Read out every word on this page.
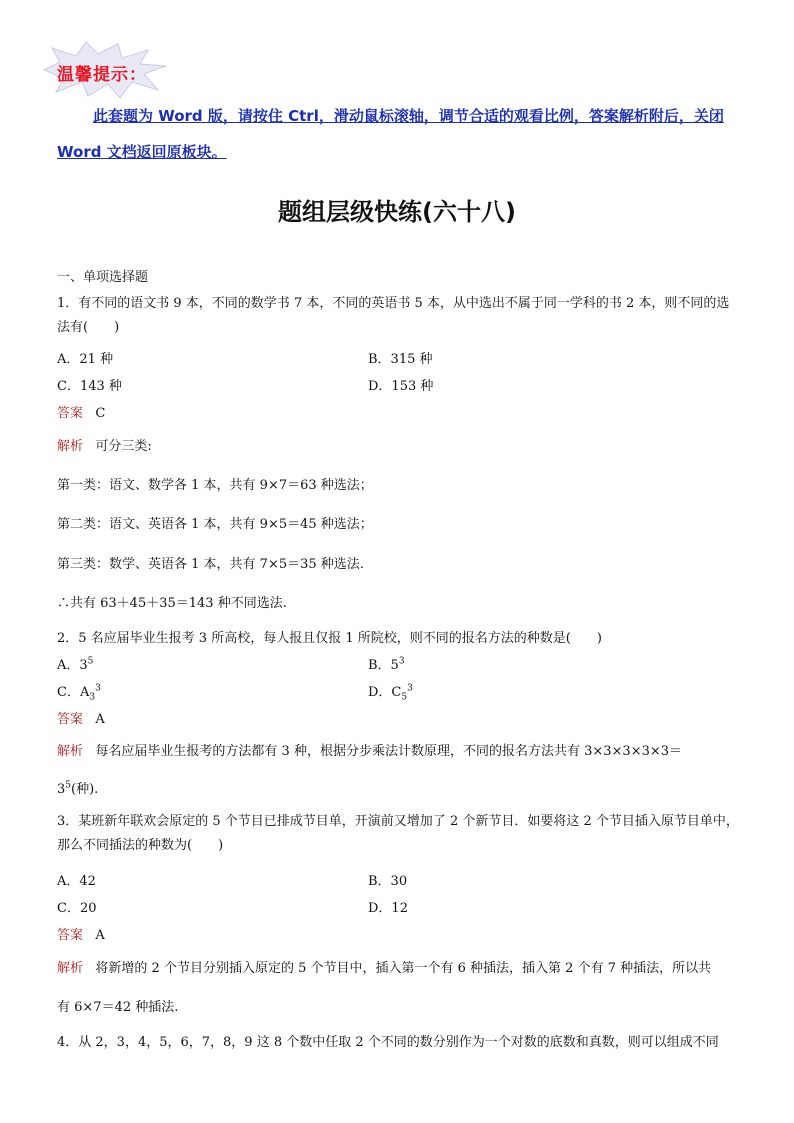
温馨提示：
此套题为 Word 版，请按住 Ctrl，滑动鼠标滚轴，调节合适的观看比例，答案解析附后，关闭 Word 文档返回原板块。
题组层级快练(六十八)
一、单项选择题
1．有不同的语文书 9 本，不同的数学书 7 本，不同的英语书 5 本，从中选出不属于同一学科的书 2 本，则不同的选法有(　　)
A．21 种	B．315 种
C．143 种	D．153 种
答案 C
解析 可分三类:
第一类：语文、数学各 1 本，共有 9×7＝63 种选法；
第二类：语文、英语各 1 本，共有 9×5＝45 种选法；
第三类：数学、英语各 1 本，共有 7×5＝35 种选法.
∴共有 63＋45＋35＝143 种不同选法.
2．5 名应届毕业生报考 3 所高校，每人报且仅报 1 所院校，则不同的报名方法的种数是(　　)
A．$3^5$	B．$5^3$
C．$A_3^3$	D．$C_5^3$
答案 A
解析 每名应届毕业生报考的方法都有 3 种，根据分步乘法计数原理，不同的报名方法共有 3×3×3×3×3＝
$3^5$(种).
3．某班新年联欢会原定的 5 个节目已排成节目单，开演前又增加了 2 个新节目．如要将这 2 个节目插入原节目单中，那么不同插法的种数为(　　)
A．42	B．30
C．20	D．12
答案 A
解析 将新增的 2 个节目分别插入原定的 5 个节目中，插入第一个有 6 种插法，插入第 2 个有 7 种插法，所以共
有 6×7＝42 种插法.
4．从 2，3，4，5，6，7，8，9 这 8 个数中任取 2 个不同的数分别作为一个对数的底数和真数，则可以组成不同
